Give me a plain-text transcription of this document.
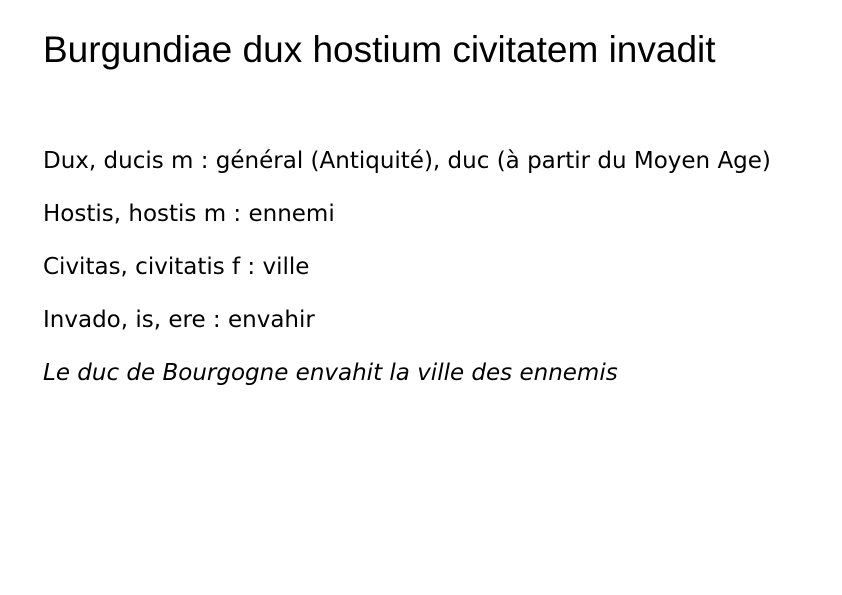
Burgundiae dux hostium civitatem invadit
Dux, ducis m : général (Antiquité), duc (à partir du Moyen Age)
Hostis, hostis m : ennemi
Civitas, civitatis f : ville
Invado, is, ere : envahir
Le duc de Bourgogne envahit la ville des ennemis
